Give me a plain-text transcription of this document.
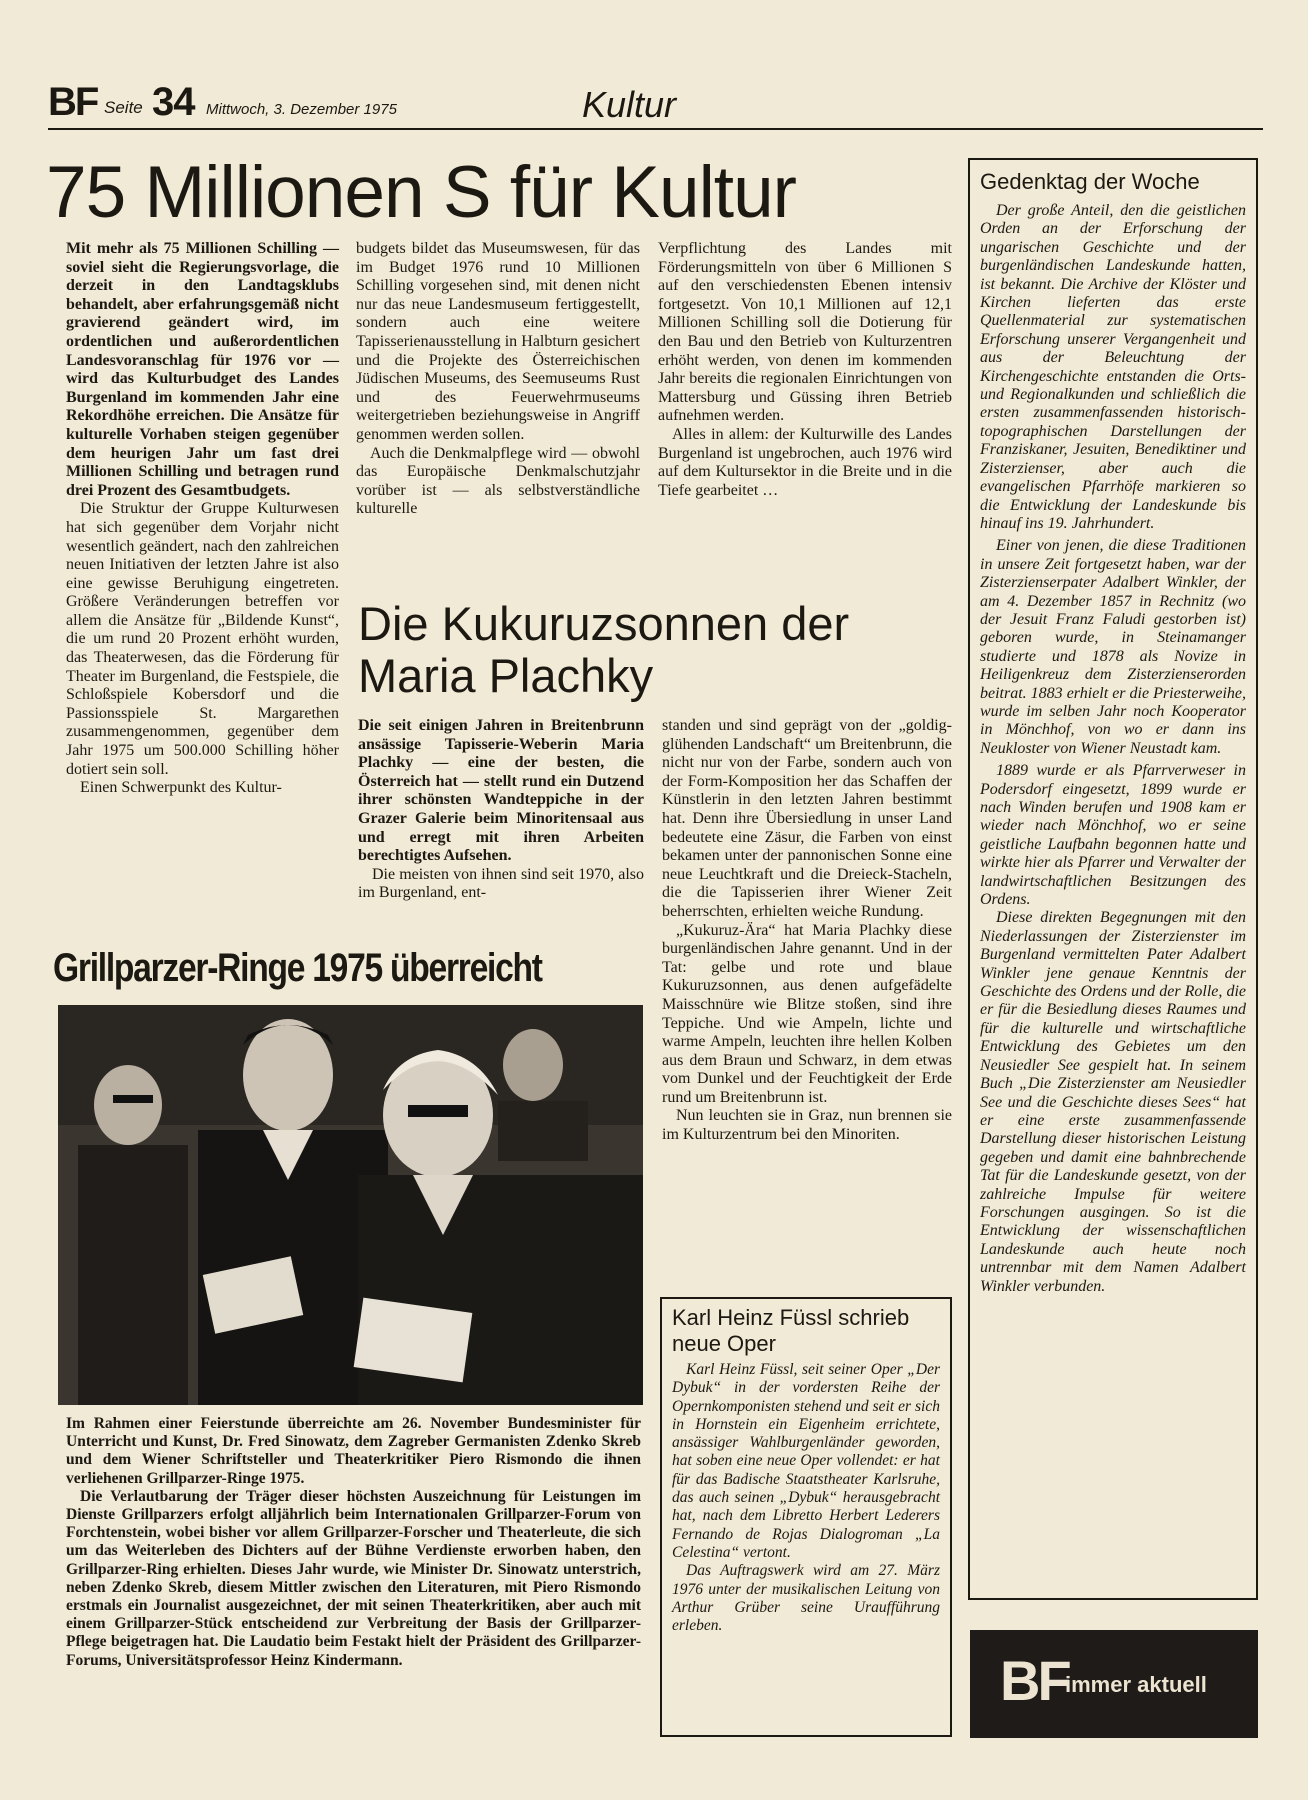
BF Seite 34 Mittwoch, 3. Dezember 1975	Kultur
75 Millionen S für Kultur

Mit mehr als 75 Millionen Schilling — soviel sieht die Regierungsvorlage, die derzeit in den Landtagsklubs behandelt, aber erfahrungsgemäß nicht gravierend geändert wird, im ordentlichen und außerordentlichen Landesvoranschlag für 1976 vor — wird das Kulturbudget des Landes Burgenland im kommenden Jahr eine Rekordhöhe erreichen. Die Ansätze für kulturelle Vorhaben steigen gegenüber dem heurigen Jahr um fast drei Millionen Schilling und betragen rund drei Prozent des Gesamtbudgets.

Die Struktur der Gruppe Kulturwesen hat sich gegenüber dem Vorjahr nicht wesentlich geändert, nach den zahlreichen neuen Initiativen der letzten Jahre ist also eine gewisse Beruhigung eingetreten. Größere Veränderungen betreffen vor allem die Ansätze für „Bildende Kunst“, die um rund 20 Prozent erhöht wurden, das Theaterwesen, das die Förderung für Theater im Burgenland, die Festspiele, die Schloßspiele Kobersdorf und die Passionsspiele St. Margarethen zusammengenommen, gegenüber dem Jahr 1975 um 500.000 Schilling höher dotiert sein soll.

Einen Schwerpunkt des Kultur-

budgets bildet das Museumswesen, für das im Budget 1976 rund 10 Millionen Schilling vorgesehen sind, mit denen nicht nur das neue Landesmuseum fertiggestellt, sondern auch eine weitere Tapisserienausstellung in Halbturn gesichert und die Projekte des Österreichischen Jüdischen Museums, des Seemuseums Rust und des Feuerwehrmuseums weitergetrieben beziehungsweise in Angriff genommen werden sollen.

Auch die Denkmalpflege wird — obwohl das Europäische Denkmalschutzjahr vorüber ist — als selbstverständliche kulturelle

Verpflichtung des Landes mit Förderungsmitteln von über 6 Millionen S auf den verschiedensten Ebenen intensiv fortgesetzt. Von 10,1 Millionen auf 12,1 Millionen Schilling soll die Dotierung für den Bau und den Betrieb von Kulturzentren erhöht werden, von denen im kommenden Jahr bereits die regionalen Einrichtungen von Mattersburg und Güssing ihren Betrieb aufnehmen werden.

Alles in allem: der Kulturwille des Landes Burgenland ist ungebrochen, auch 1976 wird auf dem Kultursektor in die Breite und in die Tiefe gearbeitet …

Die Kukuruzsonnen der Maria Plachky

Die seit einigen Jahren in Breitenbrunn ansässige Tapisserie-Weberin Maria Plachky — eine der besten, die Österreich hat — stellt rund ein Dutzend ihrer schönsten Wandteppiche in der Grazer Galerie beim Minoritensaal aus und erregt mit ihren Arbeiten berechtigtes Aufsehen.

Die meisten von ihnen sind seit 1970, also im Burgenland, ent-

standen und sind geprägt von der „goldig-glühenden Landschaft“ um Breitenbrunn, die nicht nur von der Farbe, sondern auch von der Form-Komposition her das Schaffen der Künstlerin in den letzten Jahren bestimmt hat. Denn ihre Übersiedlung in unser Land bedeutete eine Zäsur, die Farben von einst bekamen unter der pannonischen Sonne eine neue Leuchtkraft und die Dreieck-Stacheln, die die Tapisserien ihrer Wiener Zeit beherrschten, erhielten weiche Rundung.

„Kukuruz-Ära“ hat Maria Plachky diese burgenländischen Jahre genannt. Und in der Tat: gelbe und rote und blaue Kukuruzsonnen, aus denen aufgefädelte Maisschnüre wie Blitze stoßen, sind ihre Teppiche. Und wie Ampeln, lichte und warme Ampeln, leuchten ihre hellen Kolben aus dem Braun und Schwarz, in dem etwas vom Dunkel und der Feuchtigkeit der Erde rund um Breitenbrunn ist.

Nun leuchten sie in Graz, nun brennen sie im Kulturzentrum bei den Minoriten.

Grillparzer-Ringe 1975 überreicht

Im Rahmen einer Feierstunde überreichte am 26. November Bundesminister für Unterricht und Kunst, Dr. Fred Sinowatz, dem Zagreber Germanisten Zdenko Skreb und dem Wiener Schriftsteller und Theaterkritiker Piero Rismondo die ihnen verliehenen Grillparzer-Ringe 1975.

Die Verlautbarung der Träger dieser höchsten Auszeichnung für Leistungen im Dienste Grillparzers erfolgt alljährlich beim Internationalen Grillparzer-Forum von Forchtenstein, wobei bisher vor allem Grillparzer-Forscher und Theaterleute, die sich um das Weiterleben des Dichters auf der Bühne Verdienste erworben haben, den Grillparzer-Ring erhielten. Dieses Jahr wurde, wie Minister Dr. Sinowatz unterstrich, neben Zdenko Skreb, diesem Mittler zwischen den Literaturen, mit Piero Rismondo erstmals ein Journalist ausgezeichnet, der mit seinen Theaterkritiken, aber auch mit einem Grillparzer-Stück entscheidend zur Verbreitung der Basis der Grillparzer-Pflege beigetragen hat. Die Laudatio beim Festakt hielt der Präsident des Grillparzer-Forums, Universitätsprofessor Heinz Kindermann.

Karl Heinz Füssl schrieb neue Oper

Karl Heinz Füssl, seit seiner Oper „Der Dybuk“ in der vordersten Reihe der Opernkomponisten stehend und seit er sich in Hornstein ein Eigenheim errichtete, ansässiger Wahlburgenländer geworden, hat soben eine neue Oper vollendet: er hat für das Badische Staatstheater Karlsruhe, das auch seinen „Dybuk“ herausgebracht hat, nach dem Libretto Herbert Lederers Fernando de Rojas Dialogroman „La Celestina“ vertont.

Das Auftragswerk wird am 27. März 1976 unter der musikalischen Leitung von Arthur Grüber seine Uraufführung erleben.

Gedenktag der Woche

Der große Anteil, den die geistlichen Orden an der Erforschung der ungarischen Geschichte und der burgenländischen Landeskunde hatten, ist bekannt. Die Archive der Klöster und Kirchen lieferten das erste Quellenmaterial zur systematischen Erforschung unserer Vergangenheit und aus der Beleuchtung der Kirchengeschichte entstanden die Orts- und Regionalkunden und schließlich die ersten zusammenfassenden historisch-topographischen Darstellungen der Franziskaner, Jesuiten, Benediktiner und Zisterzienser, aber auch die evangelischen Pfarrhöfe markieren so die Entwicklung der Landeskunde bis hinauf ins 19. Jahrhundert.

Einer von jenen, die diese Traditionen in unsere Zeit fortgesetzt haben, war der Zisterzienserpater Adalbert Winkler, der am 4. Dezember 1857 in Rechnitz (wo der Jesuit Franz Faludi gestorben ist) geboren wurde, in Steinamanger studierte und 1878 als Novize in Heiligenkreuz dem Zisterzienserorden beitrat. 1883 erhielt er die Priesterweihe, wurde im selben Jahr noch Kooperator in Mönchhof, von wo er dann ins Neukloster von Wiener Neustadt kam.

1889 wurde er als Pfarrverweser in Podersdorf eingesetzt, 1899 wurde er nach Winden berufen und 1908 kam er wieder nach Mönchhof, wo er seine geistliche Laufbahn begonnen hatte und wirkte hier als Pfarrer und Verwalter der landwirtschaftlichen Besitzungen des Ordens.

Diese direkten Begegnungen mit den Niederlassungen der Zisterzienster im Burgenland vermittelten Pater Adalbert Winkler jene genaue Kenntnis der Geschichte des Ordens und der Rolle, die er für die Besiedlung dieses Raumes und für die kulturelle und wirtschaftliche Entwicklung des Gebietes um den Neusiedler See gespielt hat. In seinem Buch „Die Zisterzienster am Neusiedler See und die Geschichte dieses Sees“ hat er eine erste zusammenfassende Darstellung dieser historischen Leistung gegeben und damit eine bahnbrechende Tat für die Landeskunde gesetzt, von der zahlreiche Impulse für weitere Forschungen ausgingen. So ist die Entwicklung der wissenschaftlichen Landeskunde auch heute noch untrennbar mit dem Namen Adalbert Winkler verbunden.

BF
immer aktuell
